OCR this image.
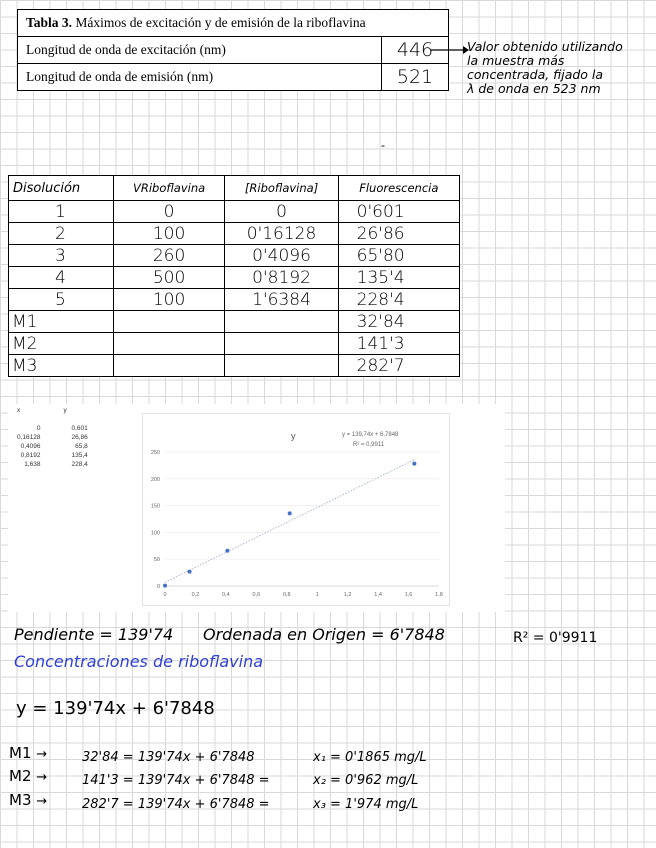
Tabla 3. Máximos de excitación y de emisión de la riboflavina	
Longitud de onda de excitación (nm)	446
Longitud de onda de emisión (nm)	521
Valor obtenido utilizando
la muestra más
concentrada, fijado la
λ de onda en 523 nm
-
Disolución	VRiboflavina	[Riboflavina]	Fluorescencia
1	0	0	0'601
2	100	0'16128	26'86
3	260	0'4096	65'80
4	500	0'8192	135'4
5	100	1'6384	228'4
M1			32'84
M2			141'3
M3			282'7
x	y

0	0,601
0,16128	26,86
0,4096	65,8
0,8192	135,4
1,638	228,4
y	y = 139,74x + 6,7848
R² = 0,9911
0
50
100
150
200
250
0	0,2	0,4	0,6	0,8	1	1,2	1,4	1,6	1,8
Pendiente = 139'74 Ordenada en Origen = 6'7848	R² = 0'9911
Concentraciones de riboflavina
y = 139'74x + 6'7848
M1 →	32'84 = 139'74x + 6'7848	x₁ = 0'1865 mg/L
M2 →	141'3 = 139'74x + 6'7848 =	x₂ = 0'962 mg/L
M3 →	282'7 = 139'74x + 6'7848 =	x₃ = 1'974 mg/L
